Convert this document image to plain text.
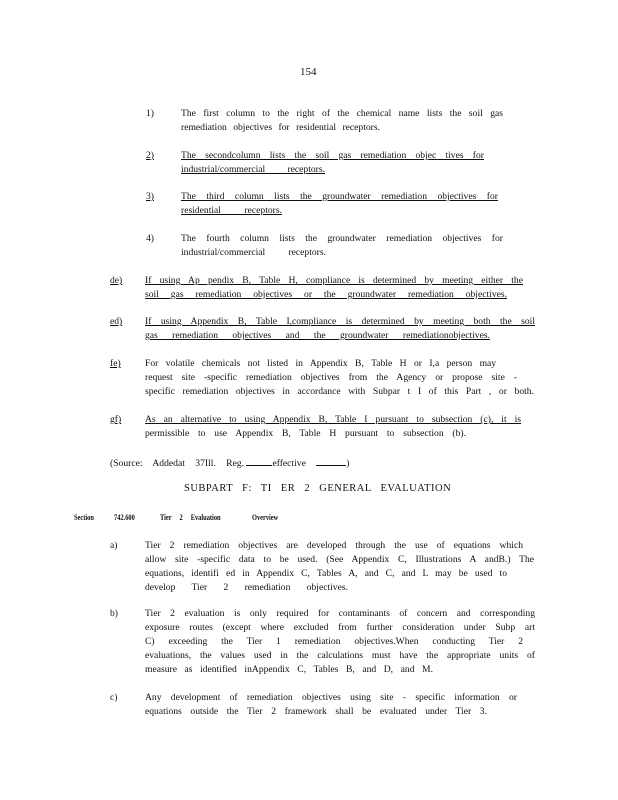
154
1)	The first column to the right of the chemical name lists the soil gas
remediation objectives for residential receptors.
2)	The secondcolumn lists the soil gas remediation objec tives for
industrial/commercial receptors.
3)	The third column lists the groundwater remediation objectives for
residential receptors.
4)	The fourth column lists the groundwater remediation objectives for
industrial/commercial receptors.
de) If using Ap pendix B, Table H, compliance is determined by meeting either the
soil gas remediation objectives or the groundwater remediation objectives.
ed) If using Appendix B, Table I,compliance is determined by meeting both the soil
gas remediation objectives and the groundwater remediationobjectives.
fe)	For volatile chemicals not listed in Appendix B, Table H or I,a person may
request site -specific remediation objectives from the Agency or propose site -
specific remediation objectives in accordance with Subpar t I of this Part , or both.
gf) As an alternative to using Appendix B, Table I pursuant to subsection (c), it is
permissible to use Appendix B, Table H pursuant to subsection (b).
(Source: Addedat 37Ill. Reg.	effective	)
SUBPART F: TI ER 2 GENERAL EVALUATION
Section	742.600	Tier 2 Evaluation	Overview
a)	Tier 2 remediation objectives are developed through the use of equations which
allow site -specific data to be used. (See Appendix C, Illustrations A andB.) The
equations, identifi ed in Appendix C, Tables A, and C, and L may be used to
develop Tier 2 remediation objectives.
b)	Tier 2 evaluation is only required for contaminants of concern and corresponding
exposure routes (except where excluded from further consideration under Subp art
C) exceeding the Tier 1 remediation objectives.When conducting Tier 2
evaluations, the values used in the calculations must have the appropriate units of
measure as identified inAppendix C, Tables B, and D, and M.
c)	Any development of remediation objectives using site - specific information or
equations outside the Tier 2 framework shall be evaluated under Tier 3.
